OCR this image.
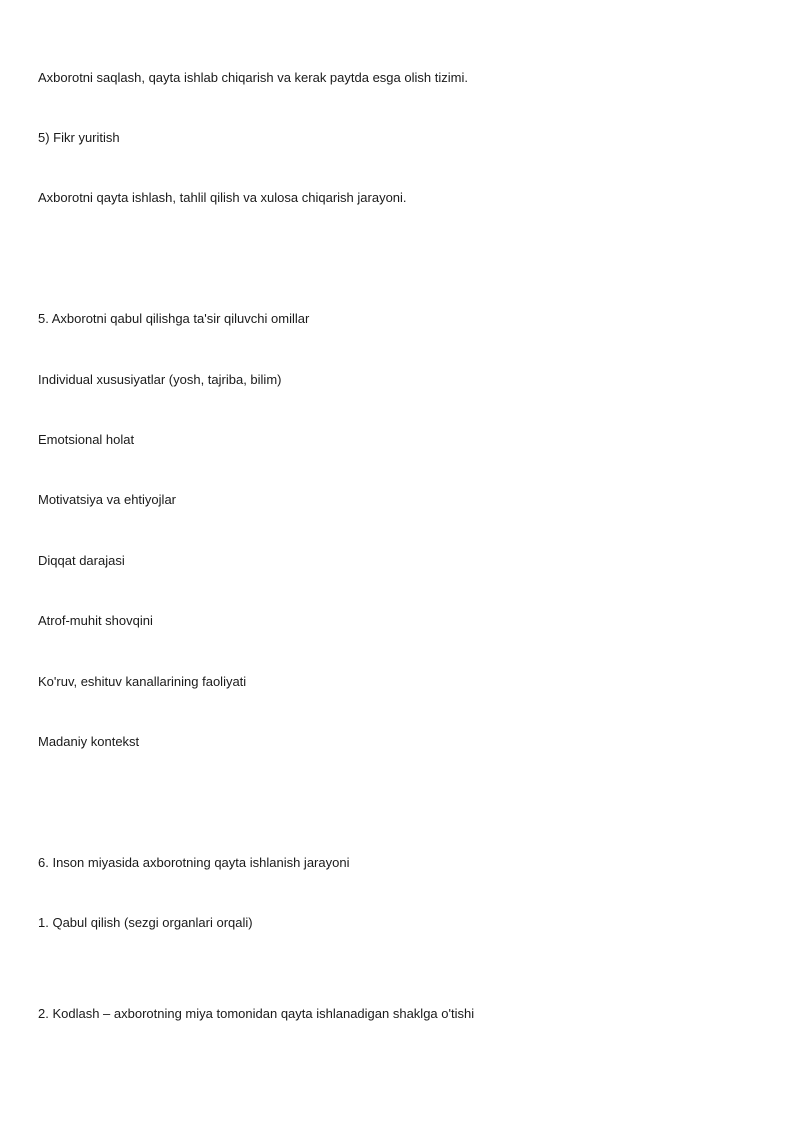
Axborotni saqlash, qayta ishlab chiqarish va kerak paytda esga olish tizimi.

5) Fikr yuritish

Axborotni qayta ishlash, tahlil qilish va xulosa chiqarish jarayoni.

5. Axborotni qabul qilishga ta'sir qiluvchi omillar

Individual xususiyatlar (yosh, tajriba, bilim)

Emotsional holat

Motivatsiya va ehtiyojlar

Diqqat darajasi

Atrof-muhit shovqini

Ko'ruv, eshituv kanallarining faoliyati

Madaniy kontekst

6. Inson miyasida axborotning qayta ishlanish jarayoni

1. Qabul qilish (sezgi organlari orqali)

2. Kodlash – axborotning miya tomonidan qayta ishlanadigan shaklga o'tishi
